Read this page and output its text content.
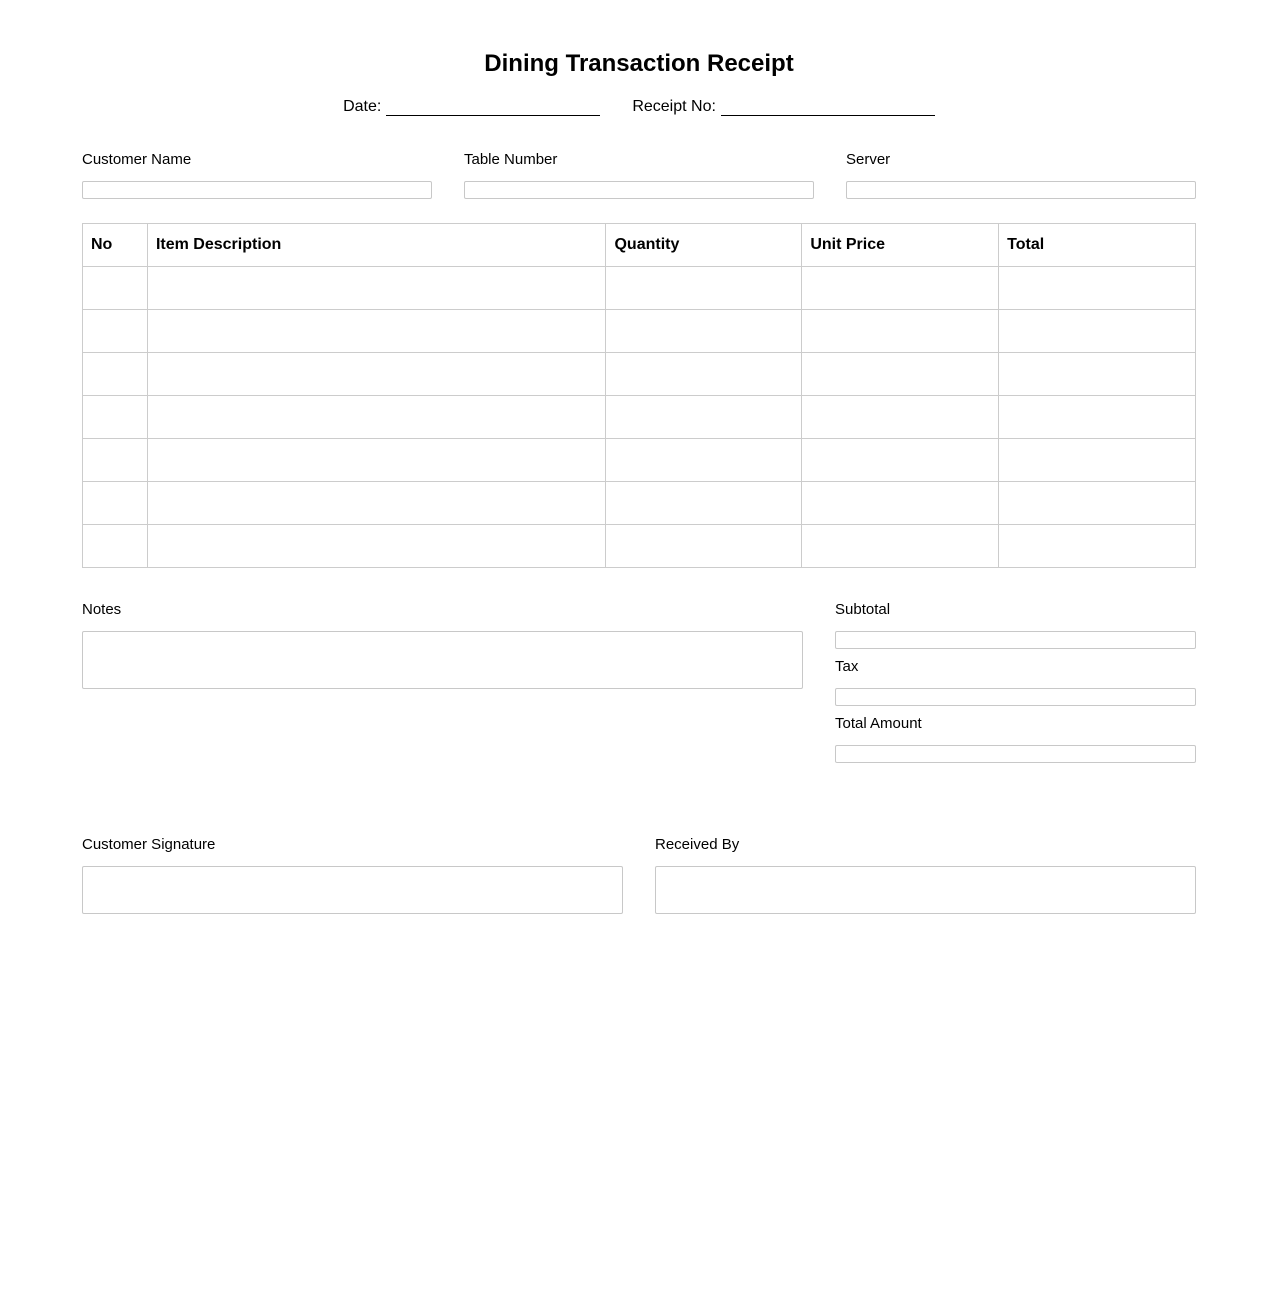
Dining Transaction Receipt
Date:	Receipt No:
Customer Name	Table Number	Server
No	Item Description	Quantity	Unit Price	Total

Notes	Subtotal
Tax
Total Amount
Customer Signature	Received By
